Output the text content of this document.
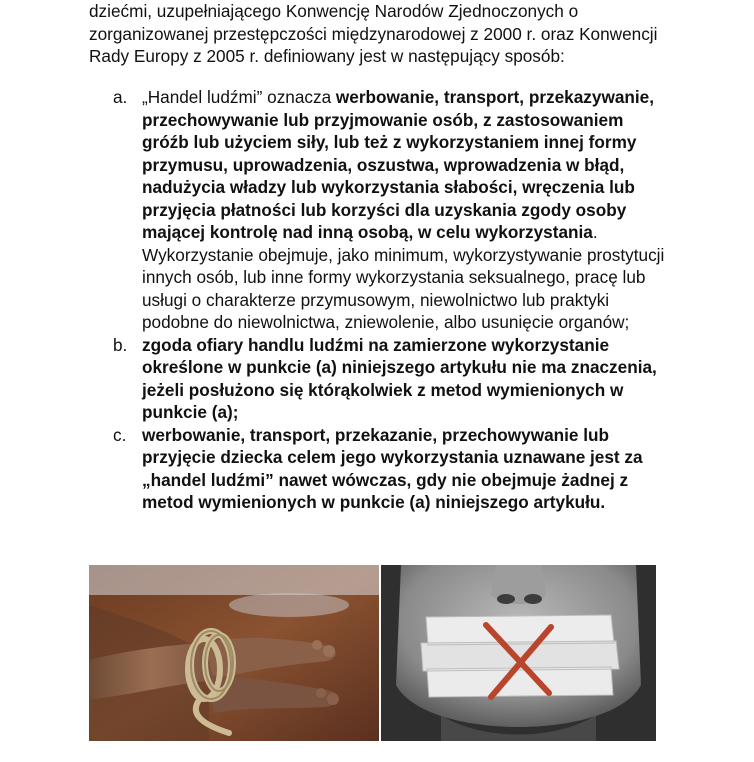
dziećmi, uzupełniającego Konwencję Narodów Zjednoczonych o zorganizowanej przestępczości międzynarodowej z 2000 r. oraz Konwencji Rady Europy z 2005 r. definiowany jest w następujący sposób:

a. „Handel ludźmi” oznacza werbowanie, transport, przekazywanie, przechowywanie lub przyjmowanie osób, z zastosowaniem gróźb lub użyciem siły, lub też z wykorzystaniem innej formy przymusu, uprowadzenia, oszustwa, wprowadzenia w błąd, nadużycia władzy lub wykorzystania słabości, wręczenia lub przyjęcia płatności lub korzyści dla uzyskania zgody osoby mającej kontrolę nad inną osobą, w celu wykorzystania. Wykorzystanie obejmuje, jako minimum, wykorzystywanie prostytucji innych osób, lub inne formy wykorzystania seksualnego, pracę lub usługi o charakterze przymusowym, niewolnictwo lub praktyki podobne do niewolnictwa, zniewolenie, albo usunięcie organów;
b. zgoda ofiary handlu ludźmi na zamierzone wykorzystanie określone w punkcie (a) niniejszego artykułu nie ma znaczenia, jeżeli posłużono się którąkolwiek z metod wymienionych w punkcie (a);
c. werbowanie, transport, przekazanie, przechowywanie lub przyjęcie dziecka celem jego wykorzystania uznawane jest za „handel ludźmi” nawet wówczas, gdy nie obejmuje żadnej z metod wymienionych w punkcie (a) niniejszego artykułu.
